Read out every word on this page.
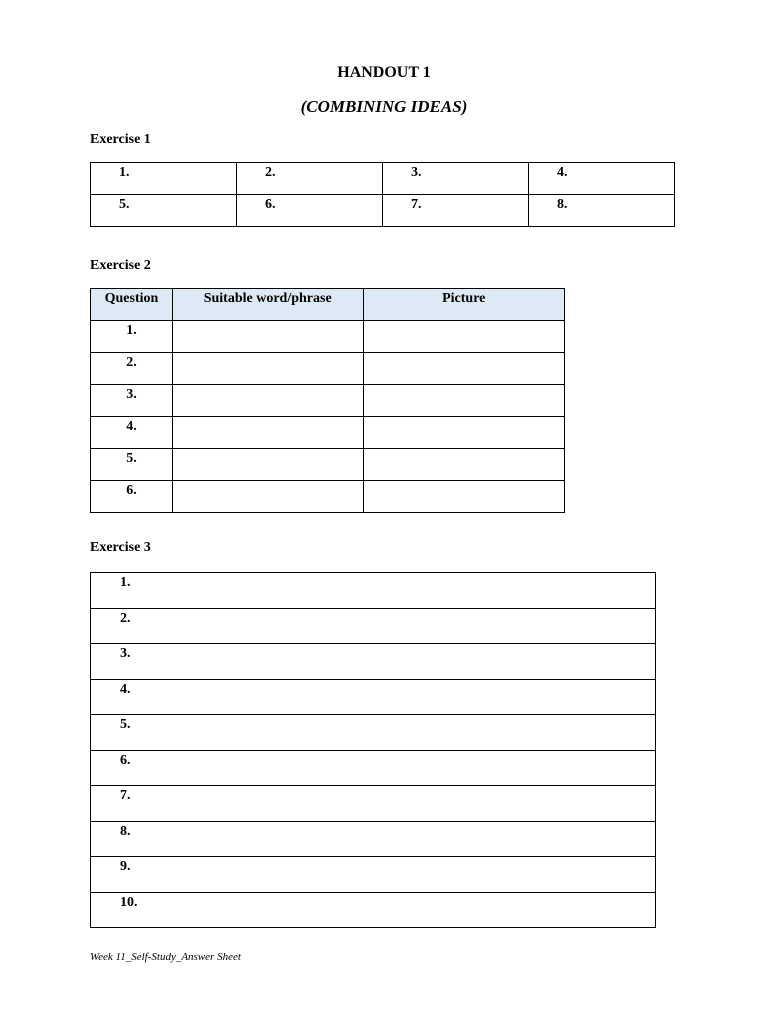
HANDOUT 1
(COMBINING IDEAS)
Exercise 1
1.	2.	3.	4.
5.	6.	7.	8.
Exercise 2
Question	Suitable word/phrase	Picture
1.		
2.		
3.		
4.		
5.		
6.		
Exercise 3
1.
2.
3.
4.
5.
6.
7.
8.
9.
10.
Week 11_Self-Study_Answer Sheet
